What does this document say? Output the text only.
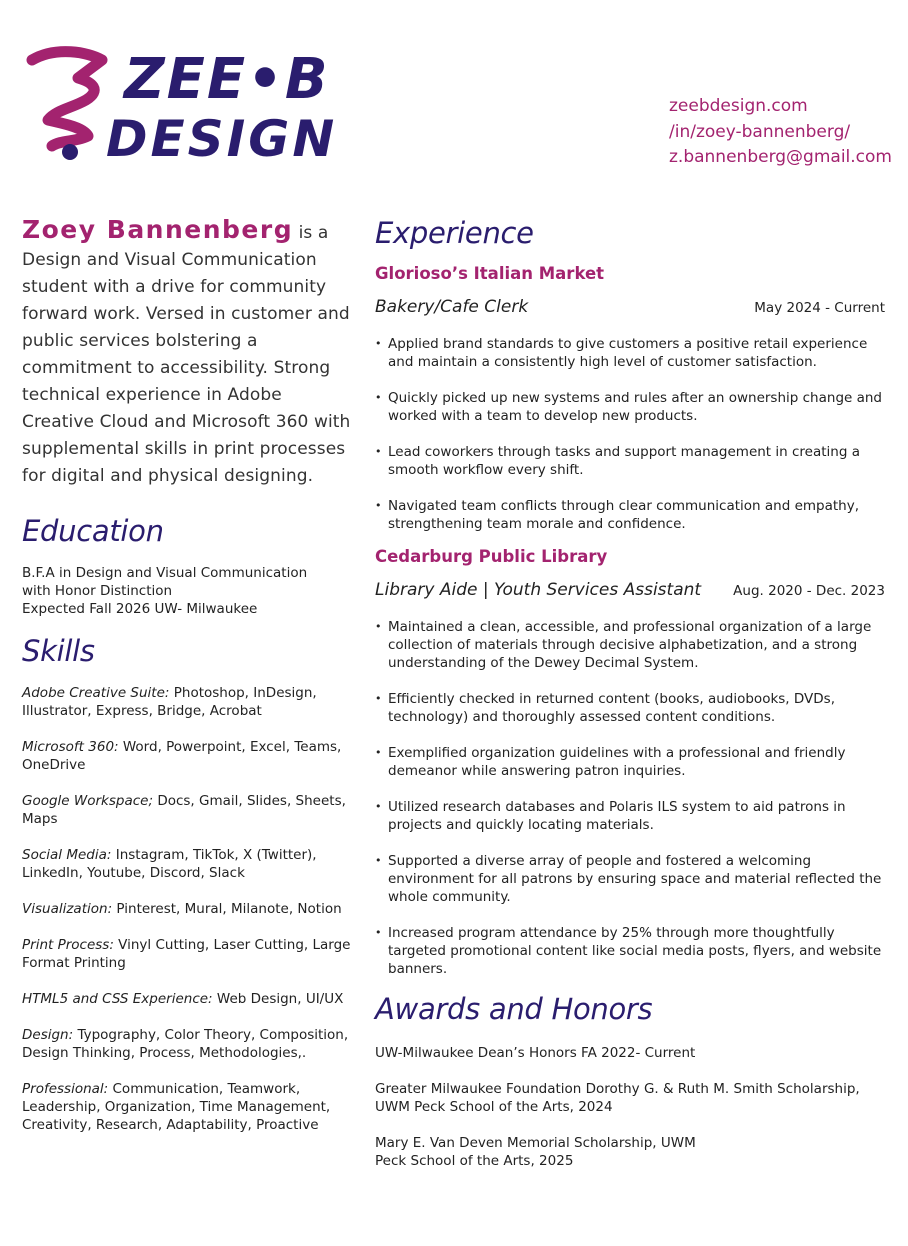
ZEE•B
DESIGN
zeebdesign.com
/in/zoey-bannenberg/
z.bannenberg@gmail.com
Zoey Bannenberg is a Design and Visual Communication student with a drive for community forward work. Versed in customer and public services bolstering a commitment to accessibility. Strong technical experience in Adobe Creative Cloud and Microsoft 360 with supplemental skills in print processes for digital and physical designing.
Education
B.F.A in Design and Visual Communication
with Honor Distinction
Expected Fall 2026 UW- Milwaukee
Skills
Adobe Creative Suite: Photoshop, InDesign, Illustrator, Express, Bridge, Acrobat
Microsoft 360: Word, Powerpoint, Excel, Teams, OneDrive
Google Workspace; Docs, Gmail, Slides, Sheets, Maps
Social Media: Instagram, TikTok, X (Twitter), LinkedIn, Youtube, Discord, Slack
Visualization: Pinterest, Mural, Milanote, Notion
Print Process: Vinyl Cutting, Laser Cutting, Large Format Printing
HTML5 and CSS Experience: Web Design, UI/UX
Design: Typography, Color Theory, Composition, Design Thinking, Process, Methodologies,.
Professional: Communication, Teamwork, Leadership, Organization, Time Management, Creativity, Research, Adaptability, Proactive
Experience
Glorioso’s Italian Market
Bakery/Cafe Clerk	May 2024 - Current
• Applied brand standards to give customers a positive retail experience and maintain a consistently high level of customer satisfaction.
• Quickly picked up new systems and rules after an ownership change and worked with a team to develop new products.
• Lead coworkers through tasks and support management in creating a smooth workflow every shift.
• Navigated team conflicts through clear communication and empathy, strengthening team morale and confidence.
Cedarburg Public Library
Library Aide | Youth Services Assistant Aug. 2020 - Dec. 2023
• Maintained a clean, accessible, and professional organization of a large collection of materials through decisive alphabetization, and a strong understanding of the Dewey Decimal System.
• Efficiently checked in returned content (books, audiobooks, DVDs, technology) and thoroughly assessed content conditions.
• Exemplified organization guidelines with a professional and friendly demeanor while answering patron inquiries.
• Utilized research databases and Polaris ILS system to aid patrons in projects and quickly locating materials.
• Supported a diverse array of people and fostered a welcoming environment for all patrons by ensuring space and material reflected the whole community.
• Increased program attendance by 25% through more thoughtfully targeted promotional content like social media posts, flyers, and website banners.
Awards and Honors
UW-Milwaukee Dean’s Honors FA 2022- Current
Greater Milwaukee Foundation Dorothy G. & Ruth M. Smith Scholarship,
UWM Peck School of the Arts, 2024
Mary E. Van Deven Memorial Scholarship, UWM
Peck School of the Arts, 2025
